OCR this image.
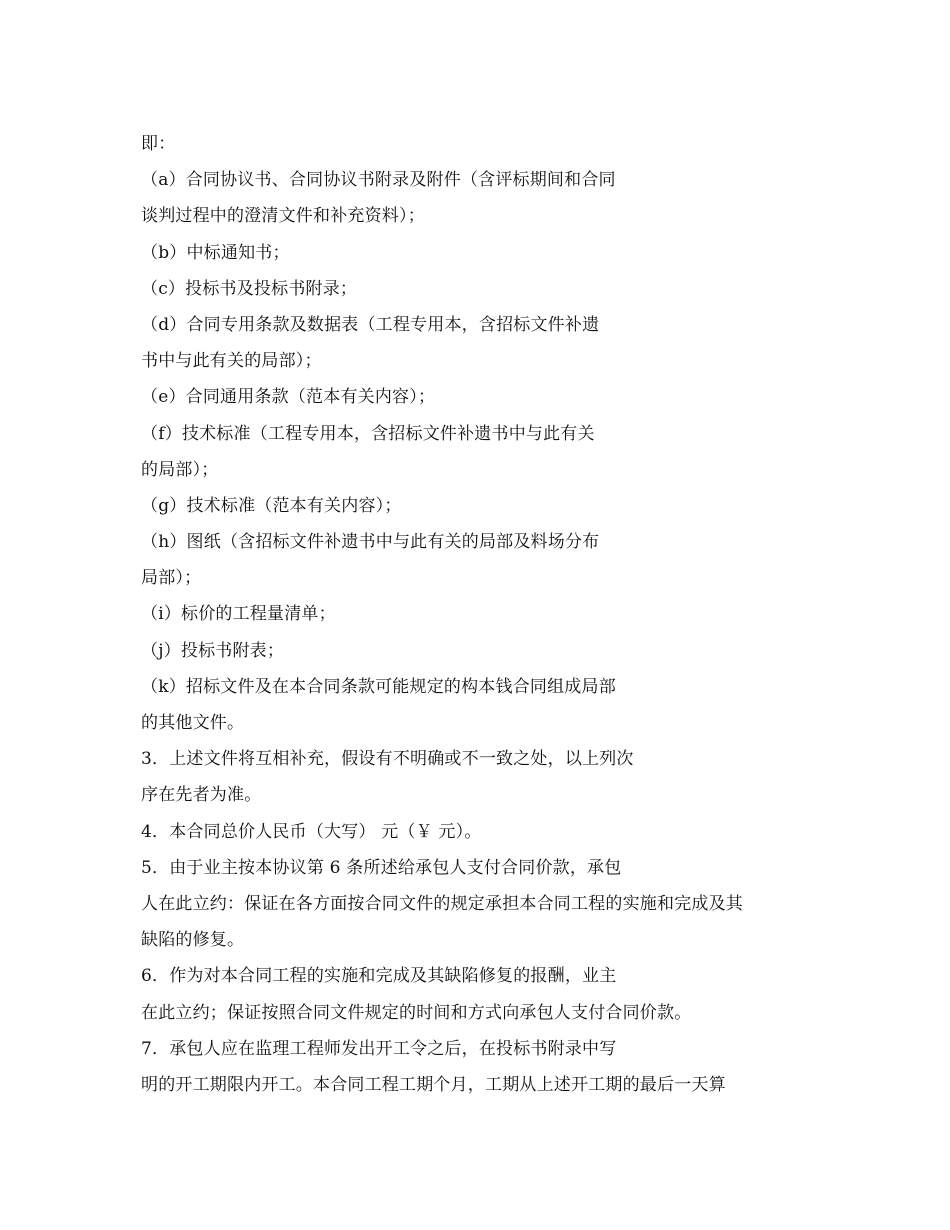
即：
（a）合同协议书、合同协议书附录及附件（含评标期间和合同
谈判过程中的澄清文件和补充资料）；
（b）中标通知书；
（c）投标书及投标书附录；
（d）合同专用条款及数据表（工程专用本，含招标文件补遗
书中与此有关的局部）；
（e）合同通用条款（范本有关内容）；
（f）技术标准（工程专用本，含招标文件补遗书中与此有关
的局部）；
（g）技术标准（范本有关内容）；
（h）图纸（含招标文件补遗书中与此有关的局部及料场分布
局部）；
（i）标价的工程量清单；
（j）投标书附表；
（k）招标文件及在本合同条款可能规定的构本钱合同组成局部
的其他文件。
3．上述文件将互相补充，假设有不明确或不一致之处，以上列次
序在先者为准。
4．本合同总价人民币（大写） 元（￥ 元）。
5．由于业主按本协议第 6 条所述给承包人支付合同价款，承包
人在此立约：保证在各方面按合同文件的规定承担本合同工程的实施和完成及其
缺陷的修复。
6．作为对本合同工程的实施和完成及其缺陷修复的报酬，业主
在此立约；保证按照合同文件规定的时间和方式向承包人支付合同价款。
7．承包人应在监理工程师发出开工令之后，在投标书附录中写
明的开工期限内开工。本合同工程工期个月，工期从上述开工期的最后一天算
